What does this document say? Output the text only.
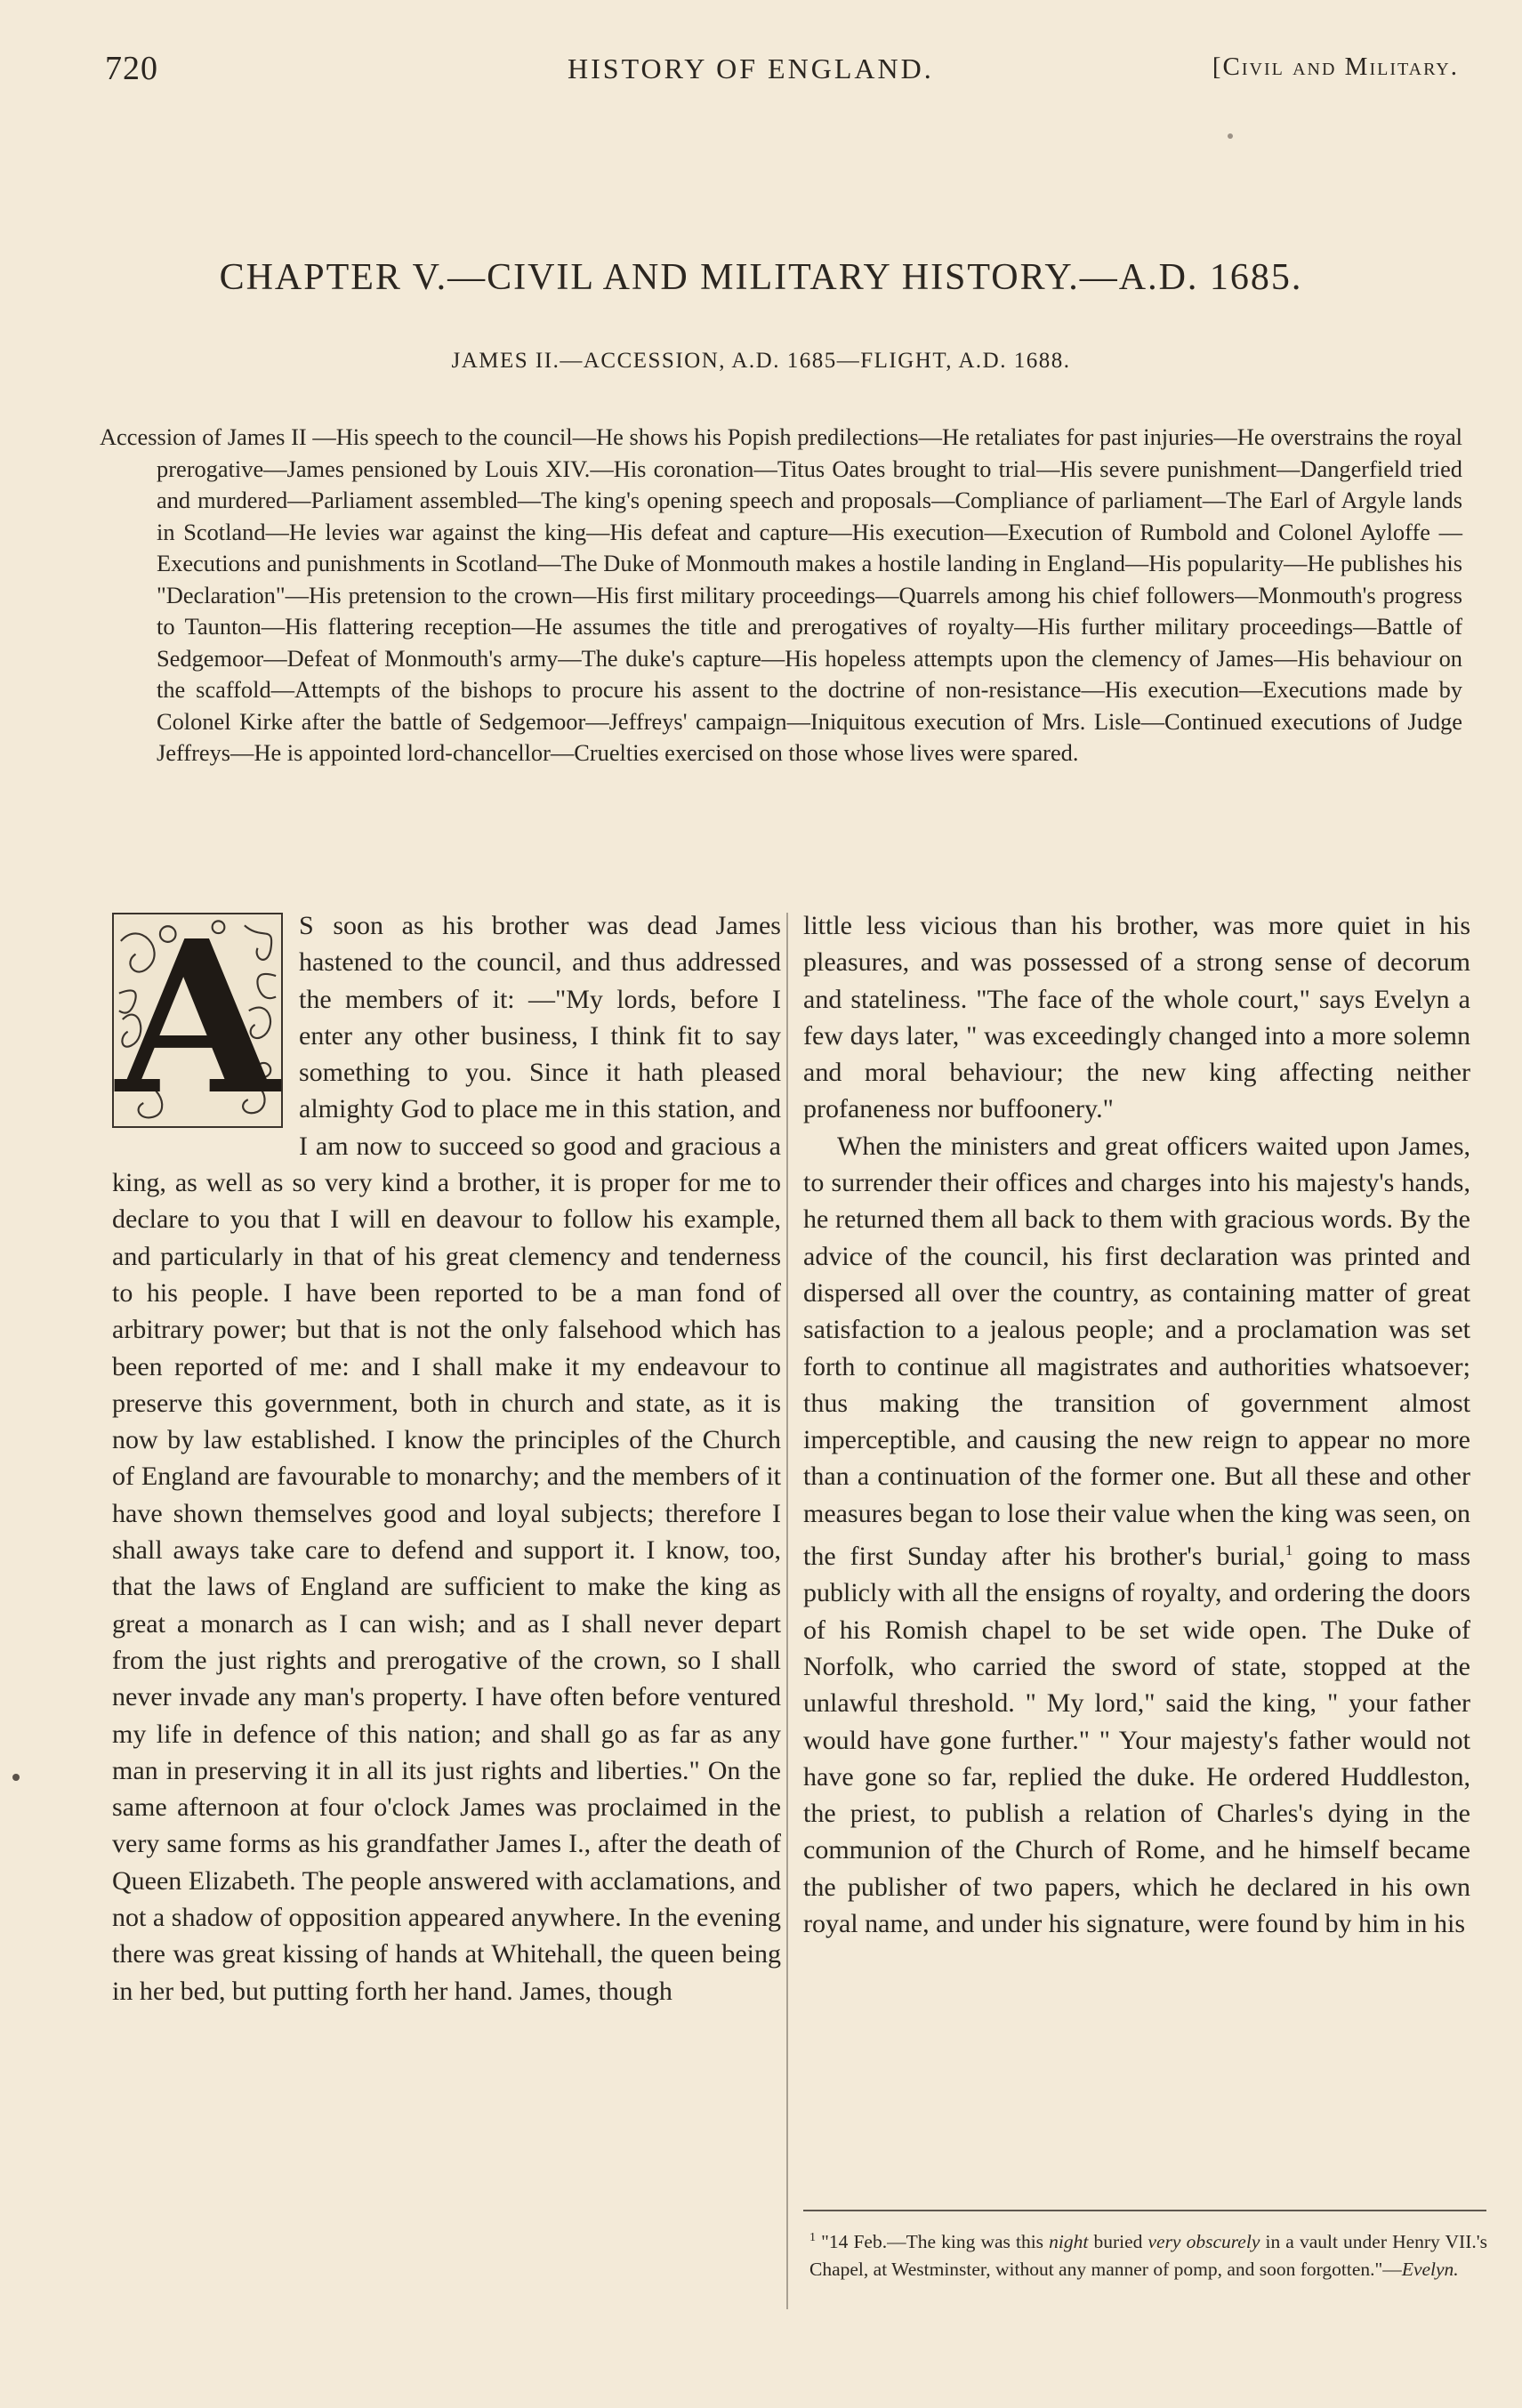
720	HISTORY OF ENGLAND.	[Civil and Military.
CHAPTER V.—CIVIL AND MILITARY HISTORY.—A.D. 1685.
JAMES II.—ACCESSION, A.D. 1685—FLIGHT, A.D. 1688.

Accession of James II —His speech to the council—He shows his Popish predilections—He retaliates for past injuries—He overstrains the royal prerogative—James pensioned by Louis XIV.—His coronation—Titus Oates brought to trial—His severe punishment—Dangerfield tried and murdered—Parliament assembled—The king's opening speech and proposals—Compliance of parliament—The Earl of Argyle lands in Scotland—He levies war against the king—His defeat and capture—His execution—Execution of Rumbold and Colonel Ayloffe —Executions and punishments in Scotland—The Duke of Monmouth makes a hostile landing in England—His popularity—He publishes his "Declaration"—His pretension to the crown—His first military proceedings—Quarrels among his chief followers—Monmouth's progress to Taunton—His flattering reception—He assumes the title and prerogatives of royalty—His further military proceedings—Battle of Sedgemoor—Defeat of Monmouth's army—The duke's capture—His hopeless attempts upon the clemency of James—His behaviour on the scaffold—Attempts of the bishops to procure his assent to the doctrine of non-resistance—His execution—Executions made by Colonel Kirke after the battle of Sedgemoor—Jeffreys' campaign—Iniquitous execution of Mrs. Lisle—Continued executions of Judge Jeffreys—He is appointed lord-chancellor—Cruelties exercised on those whose lives were spared.

A S soon as his brother was dead James hastened to the council, and thus addressed the members of it: —"My lords, before I enter any other business, I think fit to say something to you. Since it hath pleased almighty God to place me in this station, and I am now to succeed so good and gracious a king, as well as so very kind a brother, it is proper for me to declare to you that I will en deavour to follow his example, and particularly in that of his great clemency and tenderness to his people. I have been reported to be a man fond of arbitrary power; but that is not the only falsehood which has been reported of me: and I shall make it my endeavour to preserve this government, both in church and state, as it is now by law established. I know the principles of the Church of England are favourable to monarchy; and the members of it have shown themselves good and loyal subjects; therefore I shall aways take care to defend and support it. I know, too, that the laws of England are sufficient to make the king as great a monarch as I can wish; and as I shall never depart from the just rights and prerogative of the crown, so I shall never invade any man's property. I have often before ventured my life in defence of this nation; and shall go as far as any man in preserving it in all its just rights and liberties." On the same afternoon at four o'clock James was proclaimed in the very same forms as his grandfather James I., after the death of Queen Elizabeth. The people answered with acclamations, and not a shadow of opposition appeared anywhere. In the evening there was great kissing of hands at Whitehall, the queen being in her bed, but putting forth her hand. James, though

little less vicious than his brother, was more quiet in his pleasures, and was possessed of a strong sense of decorum and stateliness. "The face of the whole court," says Evelyn a few days later, " was exceedingly changed into a more solemn and moral behaviour; the new king affecting neither profaneness nor buffoonery."

When the ministers and great officers waited upon James, to surrender their offices and charges into his majesty's hands, he returned them all back to them with gracious words. By the advice of the council, his first declaration was printed and dispersed all over the country, as containing matter of great satisfaction to a jealous people; and a proclamation was set forth to continue all magistrates and authorities whatsoever; thus making the transition of government almost imperceptible, and causing the new reign to appear no more than a continuation of the former one. But all these and other measures began to lose their value when the king was seen, on the first Sunday after his brother's burial,$^1$ going to mass publicly with all the ensigns of royalty, and ordering the doors of his Romish chapel to be set wide open. The Duke of Norfolk, who carried the sword of state, stopped at the unlawful threshold. " My lord," said the king, " your father would have gone further." " Your majesty's father would not have gone so far, replied the duke. He ordered Huddleston, the priest, to publish a relation of Charles's dying in the communion of the Church of Rome, and he himself became the publisher of two papers, which he declared in his own royal name, and under his signature, were found by him in his

$^1$ "14 Feb.—The king was this night buried very obscurely in a vault under Henry VII.'s Chapel, at Westminster, without any manner of pomp, and soon forgotten."—Evelyn.
